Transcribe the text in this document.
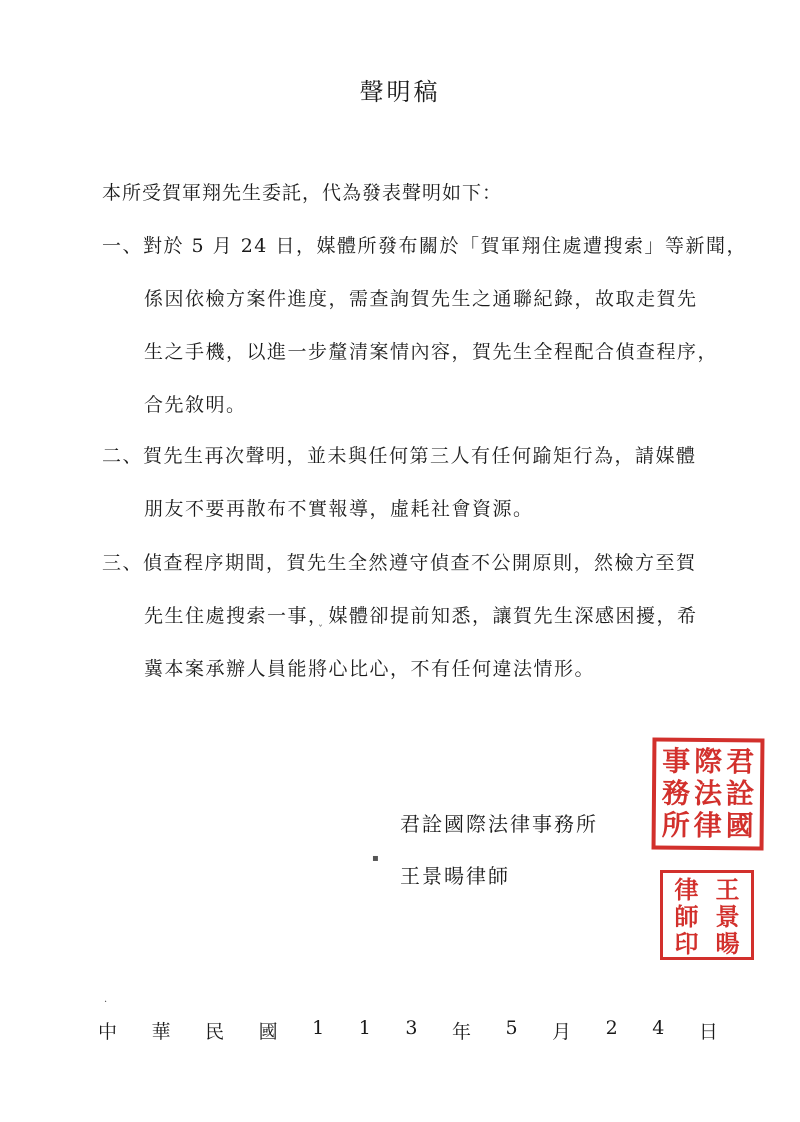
聲明稿
本所受賀軍翔先生委託，代為發表聲明如下：
一、對於 5 月 24 日，媒體所發布關於「賀軍翔住處遭搜索」等新聞，
係因依檢方案件進度，需查詢賀先生之通聯紀錄，故取走賀先
生之手機，以進一步釐清案情內容，賀先生全程配合偵查程序，
合先敘明。
二、賀先生再次聲明，並未與任何第三人有任何踰矩行為，請媒體
朋友不要再散布不實報導，虛耗社會資源。
三、偵查程序期間，賀先生全然遵守偵查不公開原則，然檢方至賀
先生住處搜索一事，媒體卻提前知悉，讓賀先生深感困擾，希
冀本案承辦人員能將心比心，不有任何違法情形。
ˇ
▪
·
君詮國際法律事務所
王景暘律師
事 際 君
務 法 詮
所 律 國
律 王
師 景
印 暘
中 華 民 國 1 1 3 年 5 月 2 4 日
